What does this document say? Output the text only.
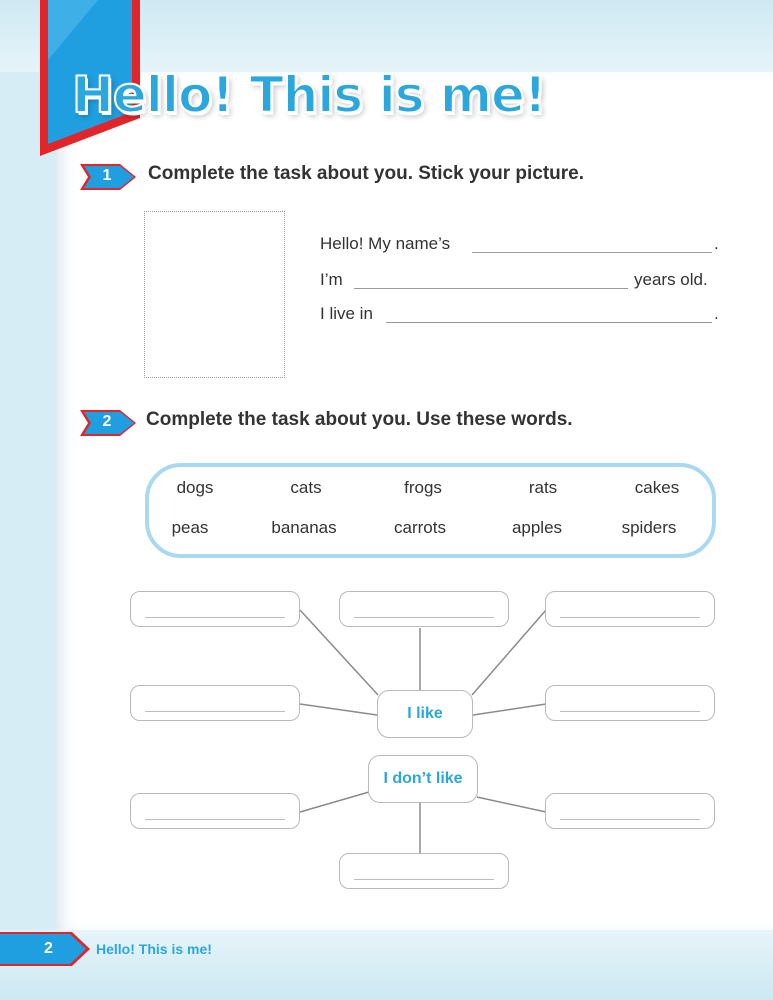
Hello! This is me!
1	Complete the task about you. Stick your picture.
Hello! My name’s	.
I’m	years old.
I live in	.
2	Complete the task about you. Use these words.
dogs	cats	frogs	rats	cakes
peas	bananas	carrots	apples	spiders
I like
I don’t like
2	Hello! This is me!
